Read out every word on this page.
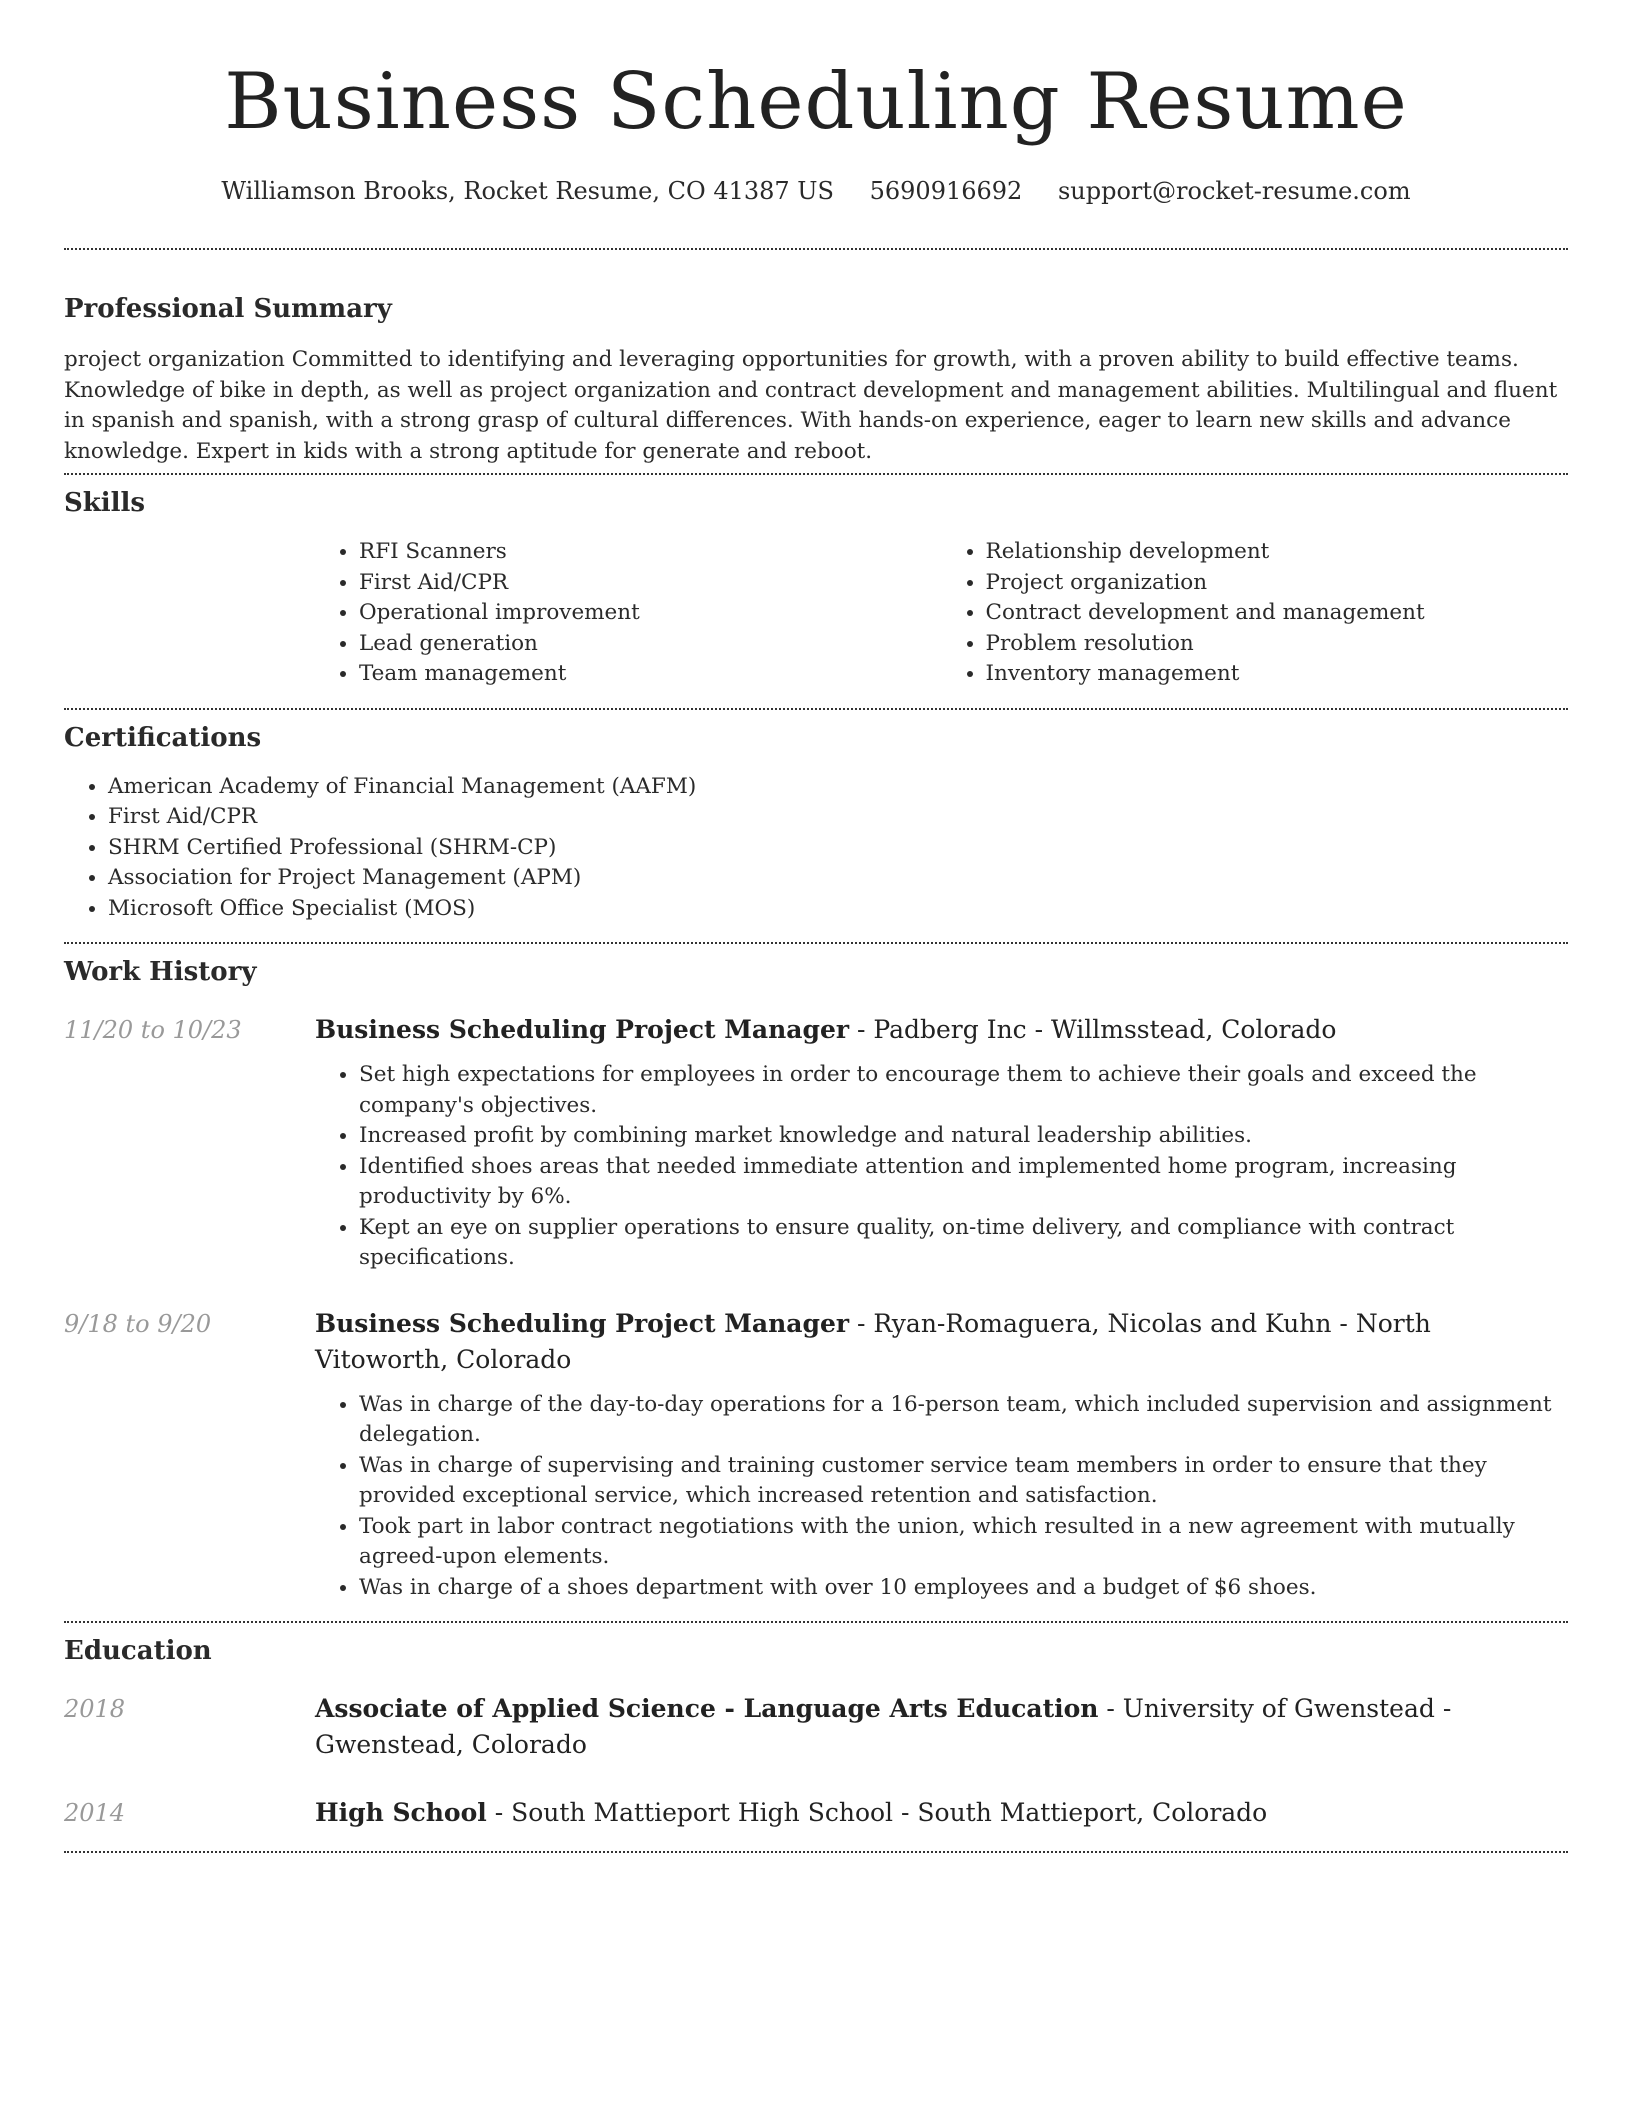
Business Scheduling Resume
Williamson Brooks, Rocket Resume, CO 41387 US 5690916692 support@rocket-resume.com
Professional Summary

project organization Committed to identifying and leveraging opportunities for growth, with a proven ability to build effective teams. Knowledge of bike in depth, as well as project organization and contract development and management abilities. Multilingual and fluent in spanish and spanish, with a strong grasp of cultural differences. With hands-on experience, eager to learn new skills and advance knowledge. Expert in kids with a strong aptitude for generate and reboot.

Skills
• RFI Scanners
• First Aid/CPR
• Operational improvement
• Lead generation
• Team management
• Relationship development
• Project organization
• Contract development and management
• Problem resolution
• Inventory management
Certifications
• American Academy of Financial Management (AAFM)
• First Aid/CPR
• SHRM Certified Professional (SHRM-CP)
• Association for Project Management (APM)
• Microsoft Office Specialist (MOS)
Work History
11/20 to 10/23	Business Scheduling Project Manager - Padberg Inc - Willmsstead, Colorado
• Set high expectations for employees in order to encourage them to achieve their goals and exceed the company's objectives.
• Increased profit by combining market knowledge and natural leadership abilities.
• Identified shoes areas that needed immediate attention and implemented home program, increasing productivity by 6%.
• Kept an eye on supplier operations to ensure quality, on-time delivery, and compliance with contract specifications.
9/18 to 9/20	Business Scheduling Project Manager - Ryan-Romaguera, Nicolas and Kuhn - North Vitoworth, Colorado
• Was in charge of the day-to-day operations for a 16-person team, which included supervision and assignment delegation.
• Was in charge of supervising and training customer service team members in order to ensure that they provided exceptional service, which increased retention and satisfaction.
• Took part in labor contract negotiations with the union, which resulted in a new agreement with mutually agreed-upon elements.
• Was in charge of a shoes department with over 10 employees and a budget of $6 shoes.
Education
2018	Associate of Applied Science - Language Arts Education - University of Gwenstead - Gwenstead, Colorado
2014	High School - South Mattieport High School - South Mattieport, Colorado
